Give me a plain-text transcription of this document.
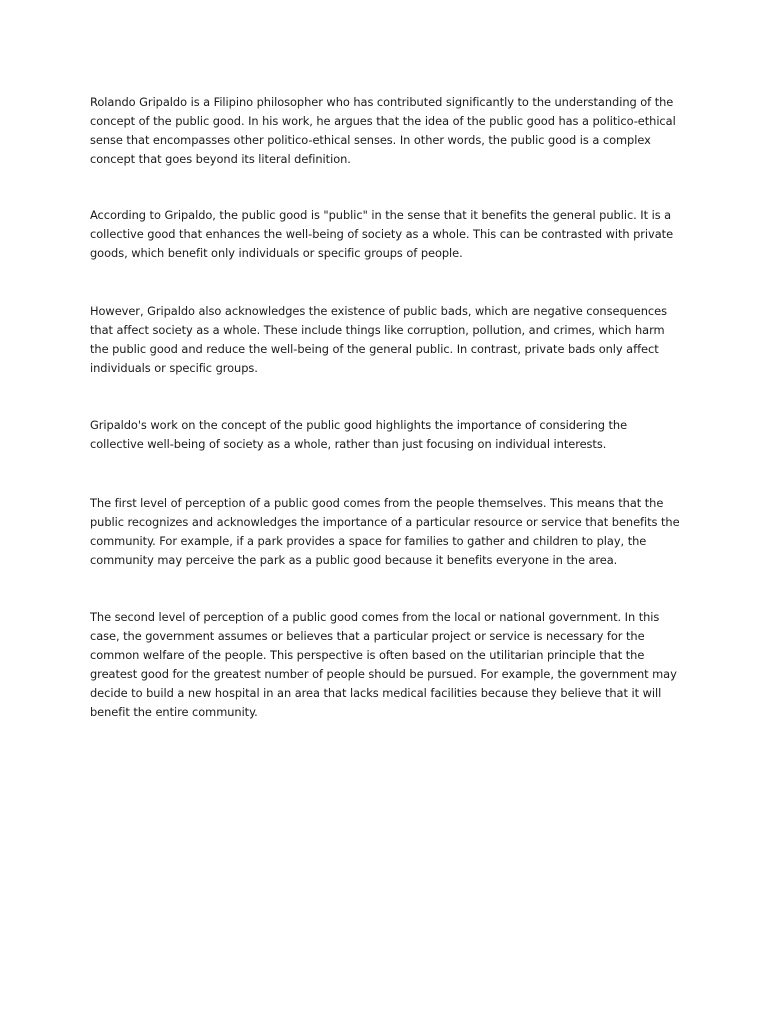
Rolando Gripaldo is a Filipino philosopher who has contributed significantly to the understanding of the concept of the public good. In his work, he argues that the idea of the public good has a politico-ethical sense that encompasses other politico-ethical senses. In other words, the public good is a complex concept that goes beyond its literal definition.

According to Gripaldo, the public good is "public" in the sense that it benefits the general public. It is a collective good that enhances the well-being of society as a whole. This can be contrasted with private goods, which benefit only individuals or specific groups of people.

However, Gripaldo also acknowledges the existence of public bads, which are negative consequences that affect society as a whole. These include things like corruption, pollution, and crimes, which harm the public good and reduce the well-being of the general public. In contrast, private bads only affect individuals or specific groups.

Gripaldo's work on the concept of the public good highlights the importance of considering the collective well-being of society as a whole, rather than just focusing on individual interests.

The first level of perception of a public good comes from the people themselves. This means that the public recognizes and acknowledges the importance of a particular resource or service that benefits the community. For example, if a park provides a space for families to gather and children to play, the community may perceive the park as a public good because it benefits everyone in the area.

The second level of perception of a public good comes from the local or national government. In this case, the government assumes or believes that a particular project or service is necessary for the common welfare of the people. This perspective is often based on the utilitarian principle that the greatest good for the greatest number of people should be pursued. For example, the government may decide to build a new hospital in an area that lacks medical facilities because they believe that it will benefit the entire community.
